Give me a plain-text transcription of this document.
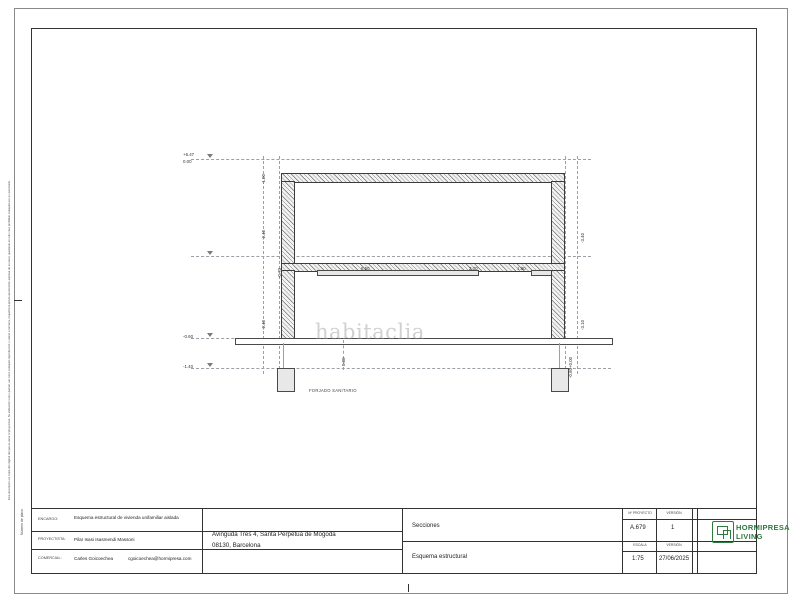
Este documento es copia del original del que es autor el proyectista. Su utilización total o parcial, así como cualquier reproducción o cesión a terceros, requerirá la previa autorización expresa de su autor, quedando en todo caso prohibido cualquier uso no autorizado.
Número de plano
+6.47
0.00
-0.60
-1.40
-1.00
-2.40
-0.70
-2.40
-3.40
-3.10
-0.80+0.00
6.50	2.00	1.80
0.80
FORJADO SANITARIO
habitaclia
ENCARGO:	Esquema estructural de vivienda unifamiliar aislada
PROYECTISTA: Pilar Isasi Isasmendi Massoni
COMERCIAL:	Carles Goicoechea	cgoicoechea@hormipresa.com
Avinguda Tres 4, Santa Perpètua de Mogoda
08130, Barcelona
Secciones
Esquema estructural
Nº PROYECTO
A.679
VERSIÓN
1
ESCALA
1:75
VERSIÓN
27/06/2025
HORMIPRESA
LIVING
